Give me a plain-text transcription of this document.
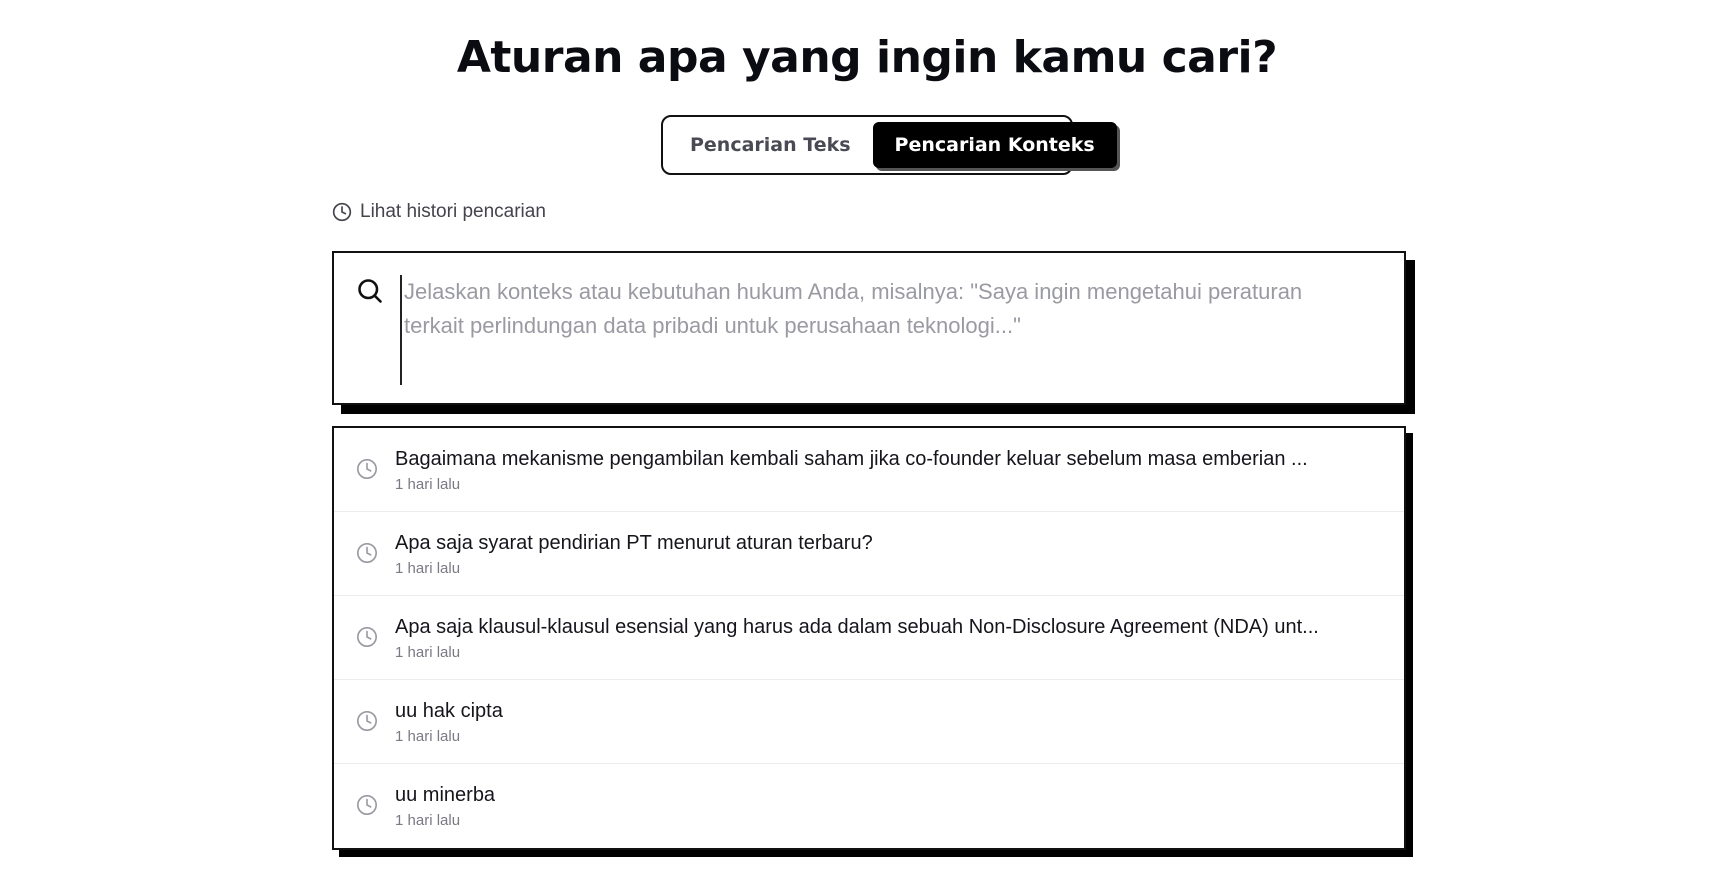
Aturan apa yang ingin kamu cari?
Pencarian Teks	Pencarian Konteks
Lihat histori pencarian
Jelaskan konteks atau kebutuhan hukum Anda, misalnya: "Saya ingin mengetahui peraturan terkait perlindungan data pribadi untuk perusahaan teknologi..."
Bagaimana mekanisme pengambilan kembali saham jika co-founder keluar sebelum masa emberian ...
1 hari lalu
Apa saja syarat pendirian PT menurut aturan terbaru?
1 hari lalu
Apa saja klausul-klausul esensial yang harus ada dalam sebuah Non-Disclosure Agreement (NDA) unt...
1 hari lalu
uu hak cipta
1 hari lalu
uu minerba
1 hari lalu
